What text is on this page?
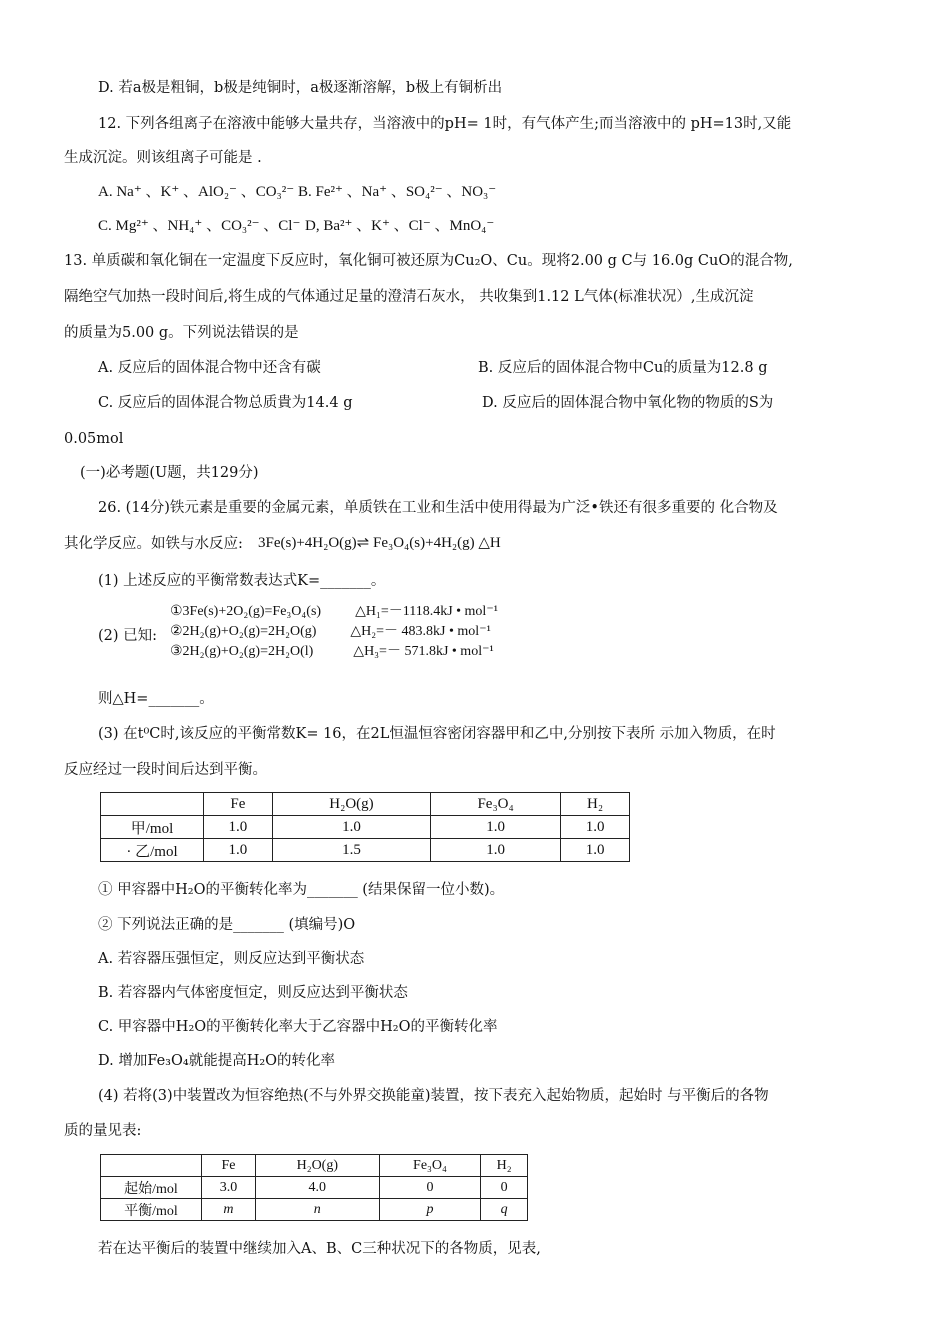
D. 若a极是粗铜，b极是纯铜时，a极逐渐溶解，b极上有铜析出
12. 下列各组离子在溶液中能够大量共存，当溶液中的pH= 1时，有气体产生;而当溶液中的 pH=13时,又能
生成沉淀。则该组离子可能是 .
A. Na⁺ 、K⁺ 、AlO₂⁻ 、CO₃²⁻ B. Fe²⁺ 、Na⁺ 、SO₄²⁻ 、NO₃⁻
C. Mg²⁺ 、NH₄⁺ 、CO₃²⁻ 、Cl⁻ D, Ba²⁺ 、K⁺ 、Cl⁻ 、MnO₄⁻
13. 单质碳和氧化铜在一定温度下反应时，氧化铜可被还原为Cu₂O、Cu。现将2.00 g C与 16.0g CuO的混合物,
隔绝空气加热一段时间后,将生成的气体通过足量的澄清石灰水， 共收集到1.12 L气体(标准状况）,生成沉淀
的质量为5.00 g。下列说法错误的是
A. 反应后的固体混合物中还含有碳	B. 反应后的固体混合物中Cu的质量为12.8 g
C. 反应后的固体混合物总质貴为14.4 g	D. 反应后的固体混合物中氧化物的物质的S为
0.05mol
(一)必考题(U题，共129分)
26. (14分)铁元素是重要的金属元素，单质铁在工业和生活中使用得最为广泛•铁还有很多重要的 化合物及
其化学反应。如铁与水反应: 3Fe(s)+4H₂O(g)⇌ Fe₃O₄(s)+4H₂(g) △H
(1) 上述反应的平衡常数表达式K=_______。
(2) 已知:
①3Fe(s)+2O₂(g)=Fe₃O₄(s) △H₁=－1118.4kJ • mol⁻¹
②2H₂(g)+O₂(g)=2H₂O(g) △H₂=－ 483.8kJ • mol⁻¹
③2H₂(g)+O₂(g)=2H₂O(l)	△H₃=－ 571.8kJ • mol⁻¹
则△H=_______。
(3) 在t⁰C时,该反应的平衡常数K= 16，在2L恒温恒容密闭容器甲和乙中,分别按下表所 示加入物质，在时
反应经过一段时间后达到平衡。
	Fe	H₂O(g)	Fe₃O₄	H₂
甲/mol	1.0	1.0	1.0	1.0
· 乙/mol	1.0	1.5	1.0	1.0
① 甲容器中H₂O的平衡转化率为_______ (结果保留一位小数)。
② 下列说法正确的是_______ (填编号)O
A. 若容器压强恒定，则反应达到平衡状态
B. 若容器内气体密度恒定，则反应达到平衡状态
C. 甲容器中H₂O的平衡转化率大于乙容器中H₂O的平衡转化率
D. 增加Fe₃O₄就能提高H₂O的转化率
(4) 若将(3)中装置改为恒容绝热(不与外界交换能童)装置，按下表充入起始物质，起始时 与平衡后的各物
质的量见表:
	Fe	H₂O(g)	Fe₃O₄	H₂
起始/mol	3.0	4.0	0	0
平衡/mol	m	n	p	q
若在达平衡后的装置中继续加入A、B、C三种状况下的各物质，见表,
